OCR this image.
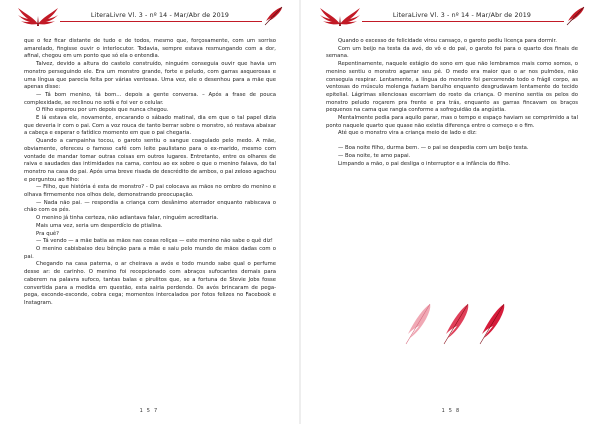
LiteraLivre Vl. 3 - nº 14 - Mar/Abr de 2019

que o fez ficar distante de tudo e de todos, mesmo que, forçosamente, com um sorriso amarelado, fingisse ouvir o interlocutor. Todavia, sempre estava resmungando com a dor, afinal, chegou em um ponto que só ela o entendia.

Talvez, devido a altura do castelo construído, ninguém conseguia ouvir que havia um monstro perseguindo ele. Era um monstro grande, forte e peludo, com garras asquerosas e uma língua que parecia feita por várias ventosas. Uma vez, ele o desenhou para a mãe que apenas disse:

— Tá bom menino, tá bom... depois a gente conversa. – Após a frase de pouca complexidade, se reclinou no sofá e foi ver o celular.

O filho esperou por um depois que nunca chegou.

E lá estava ele, novamente, encarando o sábado matinal, dia em que o tal papel dizia que deveria ir com o pai. Com a voz rouca de tanto berrar sobre o monstro, só restava abaixar a cabeça e esperar o fatídico momento em que o pai chegaria.

Quando a campainha tocou, o garoto sentiu o sangue coagulado pelo medo. A mãe, obviamente, ofereceu o famoso café com leite paulistano para o ex-marido, mesmo com vontade de mandar tomar outras coisas em outros lugares. Entretanto, entre os olhares de raiva e saudades das intimidades na cama, contou ao ex sobre o que o menino falava, do tal monstro na casa do pai. Após uma breve risada de descrédito de ambos, o pai zeloso agachou e perguntou ao filho:

— Filho, que história é esta de monstro? - O pai colocava as mãos no ombro do menino e olhava firmemente nos olhos dele, demonstrando preocupação.

— Nada não pai. — respondia a criança com desânimo aterrador enquanto rabiscava o chão com os pés.

O menino já tinha certeza, não adiantava falar, ninguém acreditaria.

Mais uma vez, seria um desperdício de ptialina.

Pra quê?

— Tá vendo — a mãe batia as mãos nas coxas roliças — este menino não sabe o quê diz!

O menino cabisbaixo deu bênção para a mãe e saiu pelo mundo de mãos dadas com o pai.

Chegando na casa paterna, o ar cheirava a avós e todo mundo sabe qual o perfume desse ar: de carinho. O menino foi recepcionado com abraços sufocantes demais para caberem na palavra sufoco, tantas balas e pirulitos que, se a fortuna de Stevie Jobs fosse convertida para a medida em questão, esta sairia perdendo. Os avós brincaram de pega-pega, esconde-esconde, cobra cega; momentos intercalados por fotos felizes no Facebook e Instagram.

1 5 7
LiteraLivre Vl. 3 - nº 14 - Mar/Abr de 2019

Quando o excesso de felicidade virou cansaço, o garoto pediu licença para dormir.

Com um beijo na testa da avó, do vô e do pai, o garoto foi para o quarto dos finais de semana.

Repentinamente, naquele estágio do sono em que não lembramos mais como somos, o menino sentiu o monstro agarrar seu pé. O medo era maior que o ar nos pulmões, não conseguia respirar. Lentamente, a língua do monstro foi percorrendo todo o frágil corpo, as ventosas do músculo molenga faziam barulho enquanto desgrudavam lentamente do tecido epitelial. Lágrimas silenciosas escorriam do rosto da criança. O menino sentia os pelos do monstro peludo roçarem pra frente e pra trás, enquanto as garras fincavam os braços pequenos na cama que rangia conforme a sofreguidão da angústia.

Mentalmente pedia para aquilo parar, mas o tempo e espaço haviam se comprimido a tal ponto naquele quarto que quase não existia diferença entre o começo e o fim.

Até que o monstro vira a criança meio de lado e diz:

— Boa noite filho, durma bem. — o pai se despedia com um beijo testa.

— Boa noite, te amo papai.

Limpando a mão, o pai desliga o interruptor e a infância do filho.

1 5 8
